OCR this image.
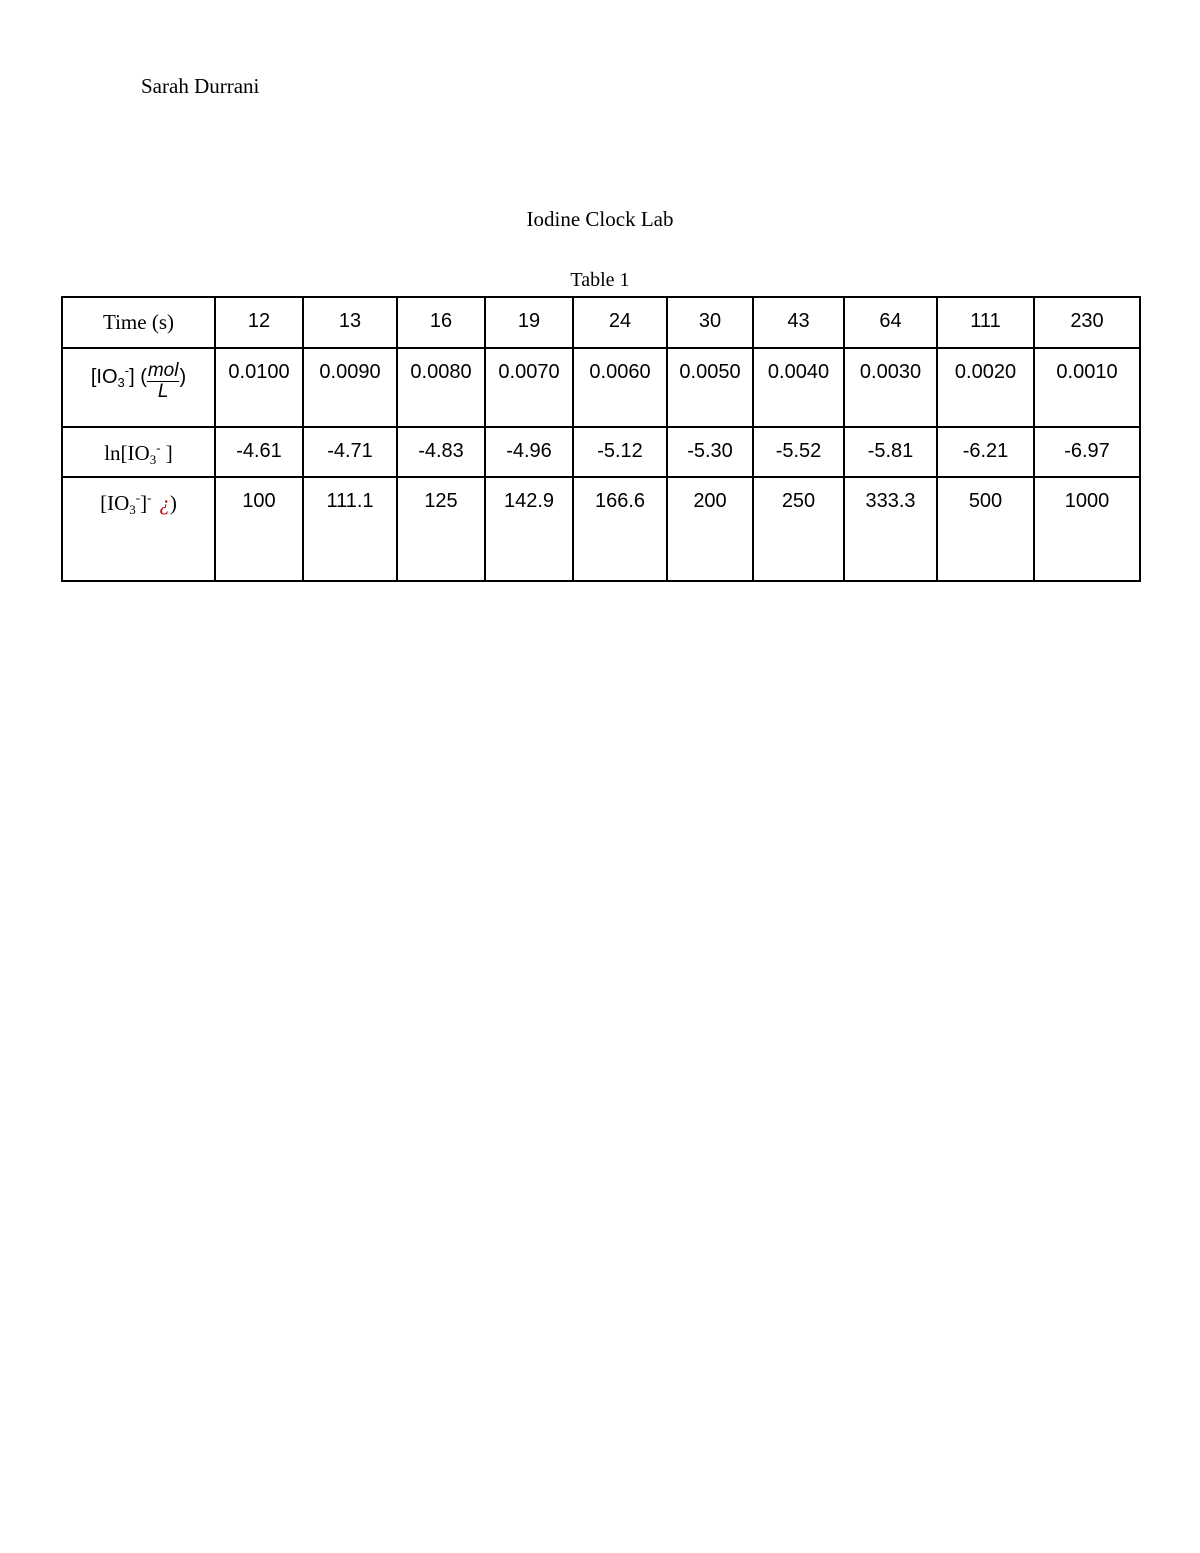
Sarah Durrani
Iodine Clock Lab
Table 1
Time (s)	12	13	16	19	24	30	43	64	111	230
$[IO_3^-]$ ( $\frac{\text{mol}}{L}$ )	0.0100	0.0090	0.0080	0.0070	0.0060	0.0050	0.0040	0.0030	0.0020	0.0010
$\ln[IO_3^-$ ]	-4.61	-4.71	-4.83	-4.96	-5.12	-5.30	-5.52	-5.81	-6.21	-6.97
$[IO_3^-]^-$ ¿)	100	111.1	125	142.9	166.6	200	250	333.3	500	1000
